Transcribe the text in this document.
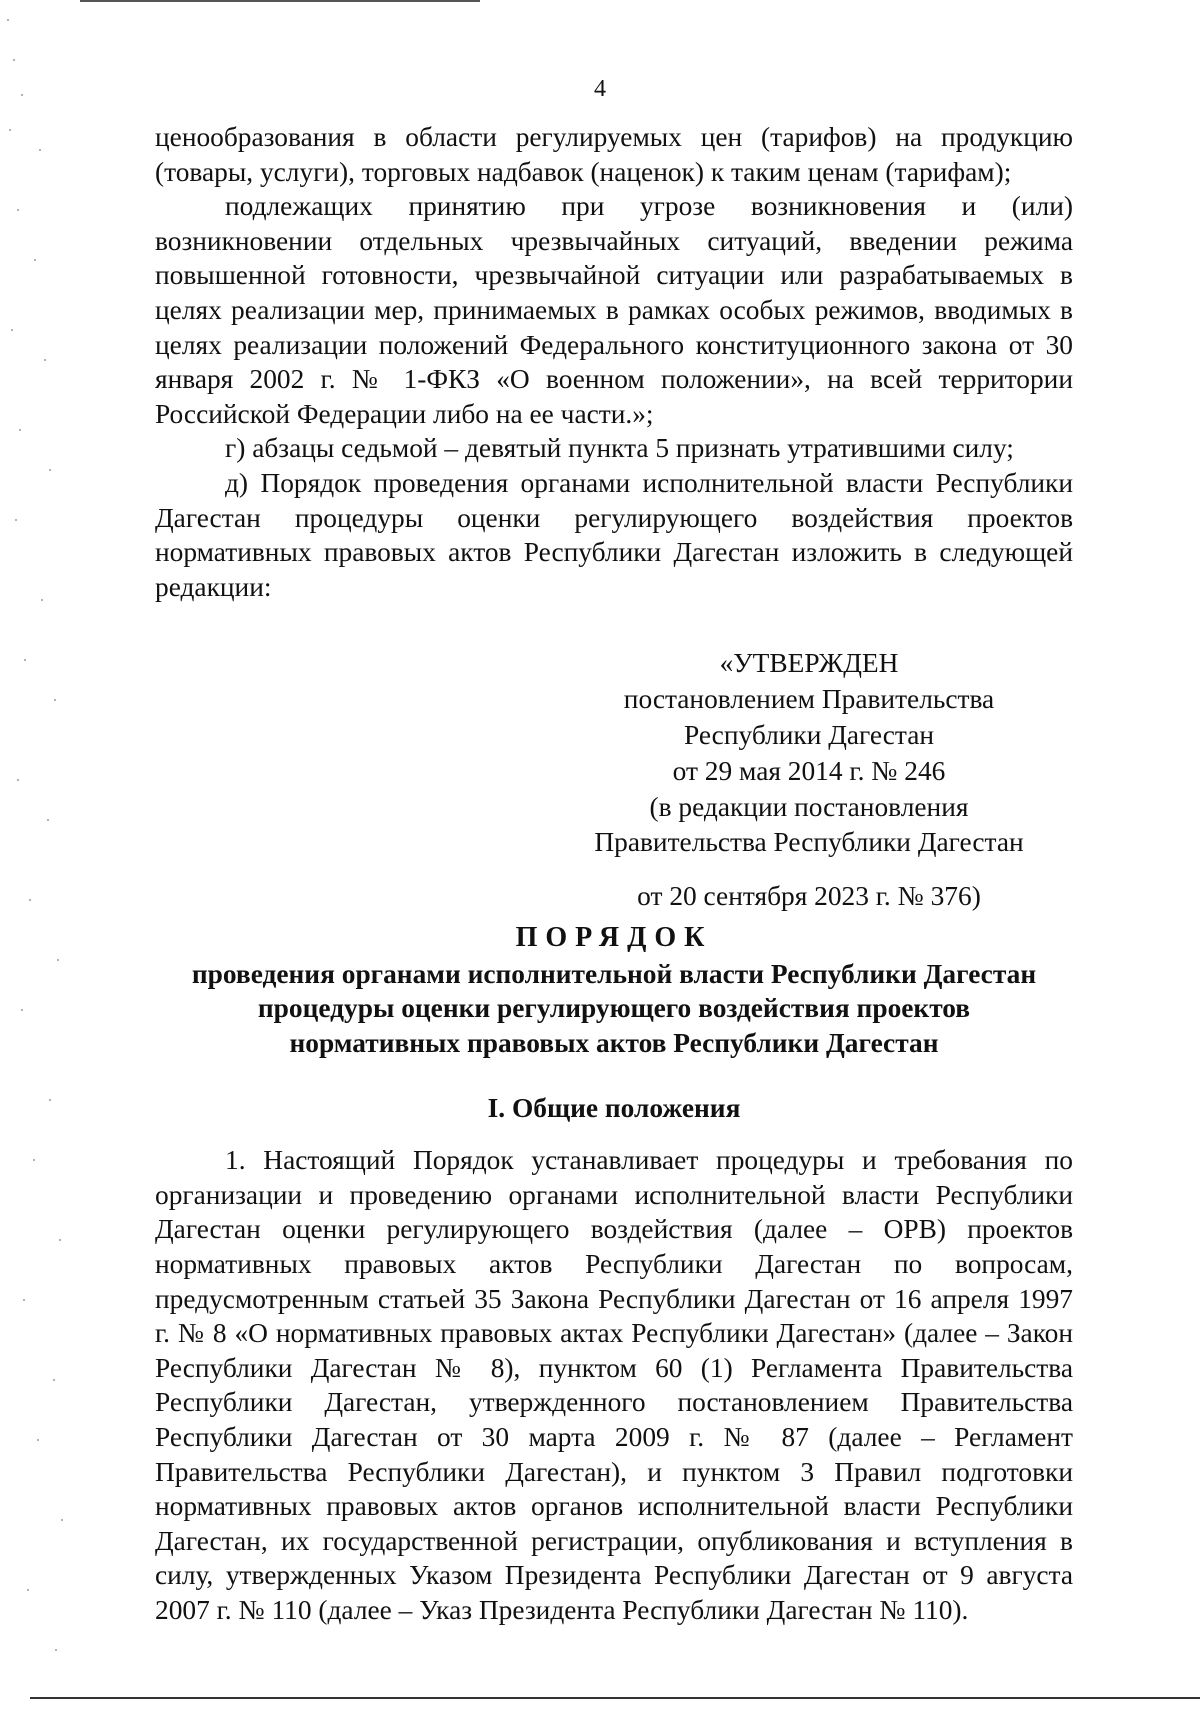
4

ценообразования в области регулируемых цен (тарифов) на продукцию (товары, услуги), торговых надбавок (наценок) к таким ценам (тарифам);

подлежащих принятию при угрозе возникновения и (или) возникновении отдельных чрезвычайных ситуаций, введении режима повышенной готовности, чрезвычайной ситуации или разрабатываемых в целях реализации мер, принимаемых в рамках особых режимов, вводимых в целях реализации положений Федерального конституционного закона от 30 января 2002 г. № 1-ФКЗ «О военном положении», на всей территории Российской Федерации либо на ее части.»;

г) абзацы седьмой – девятый пункта 5 признать утратившими силу;

д) Порядок проведения органами исполнительной власти Республики Дагестан процедуры оценки регулирующего воздействия проектов нормативных правовых актов Республики Дагестан изложить в следующей редакции:

«УТВЕРЖДЕН
постановлением Правительства
Республики Дагестан
от 29 мая 2014 г. № 246
(в редакции постановления
Правительства Республики Дагестан
от 20 сентября 2023 г. № 376)
ПОРЯДОК
проведения органами исполнительной власти Республики Дагестан
процедуры оценки регулирующего воздействия проектов
нормативных правовых актов Республики Дагестан
I. Общие положения

1. Настоящий Порядок устанавливает процедуры и требования по организации и проведению органами исполнительной власти Республики Дагестан оценки регулирующего воздействия (далее – ОРВ) проектов нормативных правовых актов Республики Дагестан по вопросам, предусмотренным статьей 35 Закона Республики Дагестан от 16 апреля 1997 г. № 8 «О нормативных правовых актах Республики Дагестан» (далее – Закон Республики Дагестан № 8), пунктом 60 (1) Регламента Правительства Республики Дагестан, утвержденного постановлением Правительства Республики Дагестан от 30 марта 2009 г. № 87 (далее – Регламент Правительства Республики Дагестан), и пунктом 3 Правил подготовки нормативных правовых актов органов исполнительной власти Республики Дагестан, их государственной регистрации, опубликования и вступления в силу, утвержденных Указом Президента Республики Дагестан от 9 августа 2007 г. № 110 (далее – Указ Президента Республики Дагестан № 110).
